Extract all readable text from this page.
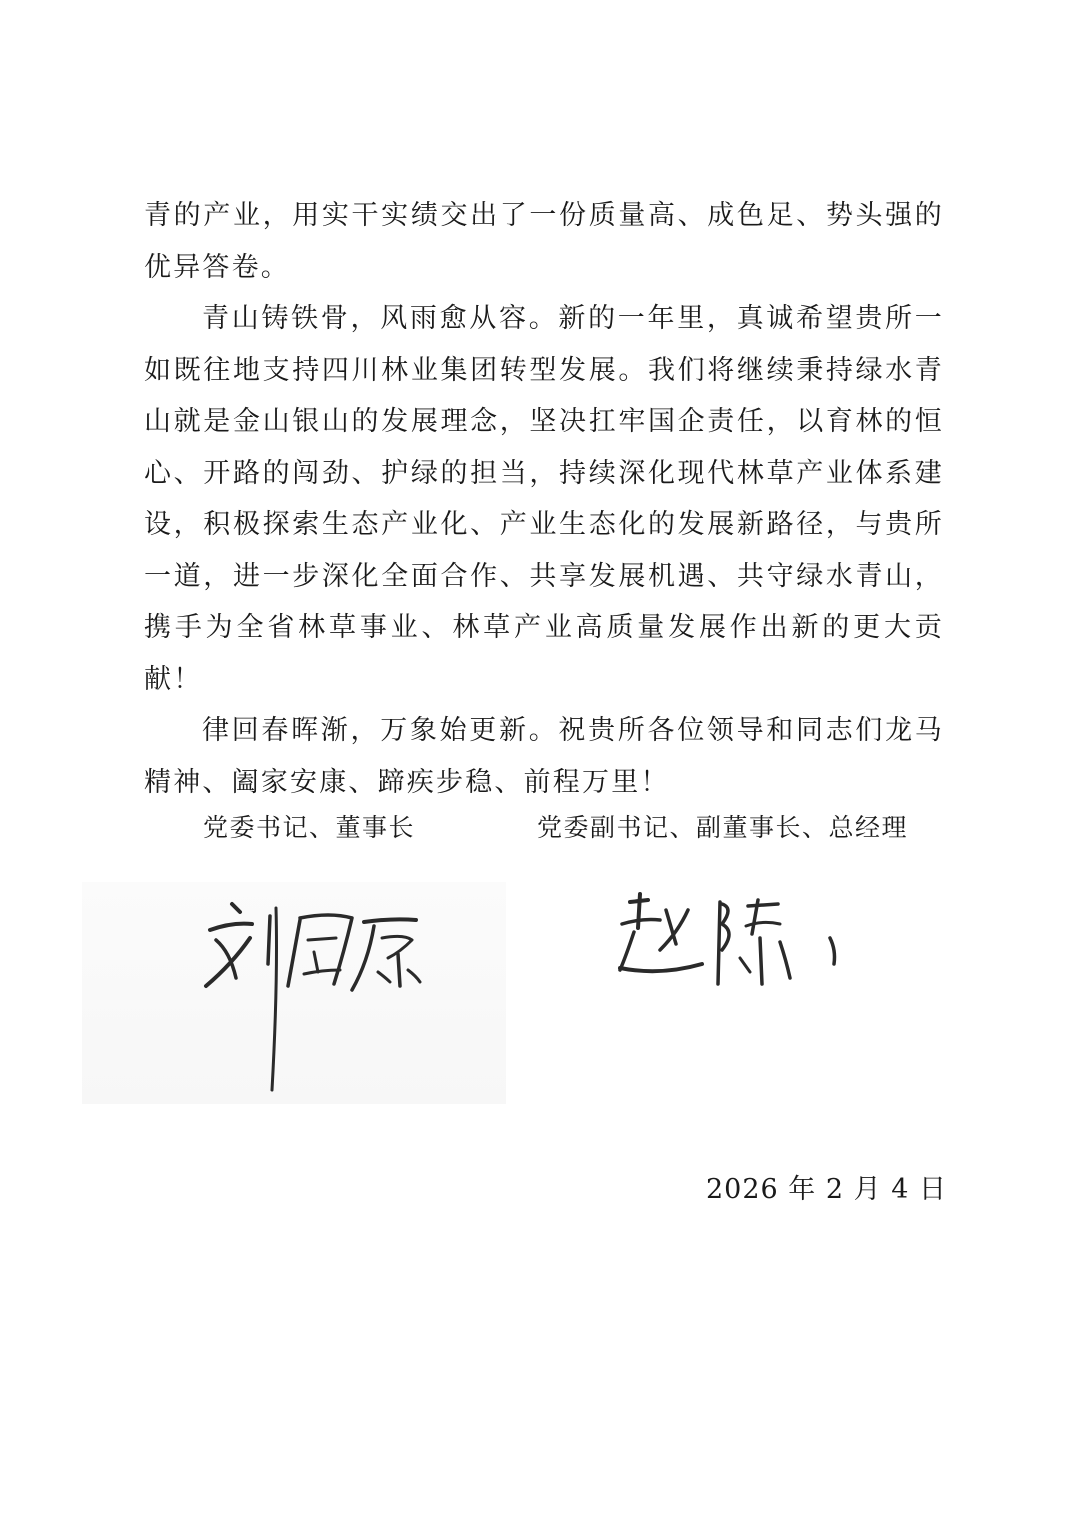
青的产业，用实干实绩交出了一份质量高、成色足、势头强的优异答卷。

青山铸铁骨，风雨愈从容。新的一年里，真诚希望贵所一如既往地支持四川林业集团转型发展。我们将继续秉持绿水青山就是金山银山的发展理念，坚决扛牢国企责任，以育林的恒心、开路的闯劲、护绿的担当，持续深化现代林草产业体系建设，积极探索生态产业化、产业生态化的发展新路径，与贵所一道，进一步深化全面合作、共享发展机遇、共守绿水青山，携手为全省林草事业、林草产业高质量发展作出新的更大贡献！

律回春晖渐，万象始更新。祝贵所各位领导和同志们龙马精神、阖家安康、蹄疾步稳、前程万里！

党委书记、董事长	党委副书记、副董事长、总经理
2026 年 2 月 4 日
